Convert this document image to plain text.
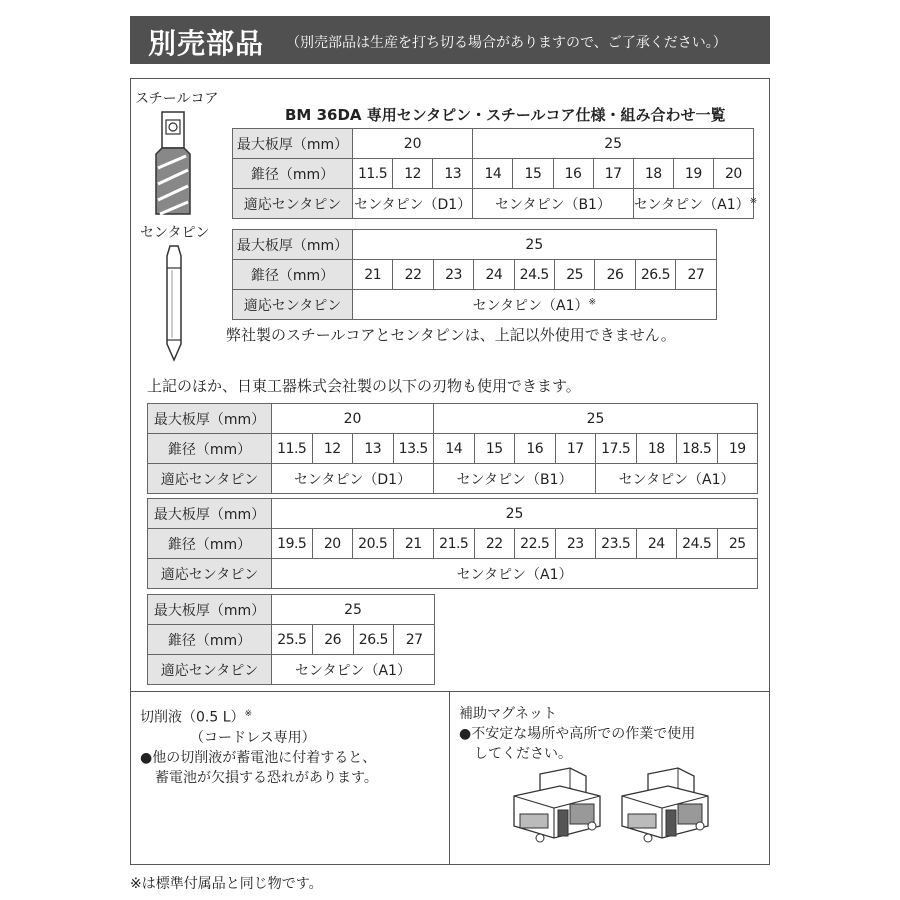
別売部品 （別売部品は生産を打ち切る場合がありますので、ご了承ください。）
スチールコア
センタピン
BM 36DA 専用センタピン・スチールコア仕様・組み合わせ一覧
最大板厚（mm）	20			25						
錐径（mm）	11.5	12	13	14	15	16	17	18	19	20
適応センタピン	センタピン（D1）			センタピン（B1）				センタピン（A1）※
最大板厚（mm）	25								
錐径（mm）	21	22	23	24	24.5	25	26	26.5	27
適応センタピン	センタピン（A1）※
弊社製のスチールコアとセンタピンは、上記以外使用できません。
上記のほか、日東工器株式会社製の以下の刃物も使用できます。
最大板厚（mm）	20				25							
錐径（mm）	11.5	12	13	13.5	14	15	16	17	17.5	18	18.5	19
適応センタピン	センタピン（D1）				センタピン（B1）				センタピン（A1）			
最大板厚（mm）	25											
錐径（mm）	19.5	20	20.5	21	21.5	22	22.5	23	23.5	24	24.5	25
適応センタピン	センタピン（A1）											
最大板厚（mm）	25			
錐径（mm）	25.5	26	26.5	27
適応センタピン	センタピン（A1）			
切削液（0.5 L）※
（コードレス専用）
●他の切削液が蓄電池に付着すると、
蓄電池が欠損する恐れがあります。
補助マグネット
●不安定な場所や高所での作業で使用
してください。
※は標準付属品と同じ物です。
